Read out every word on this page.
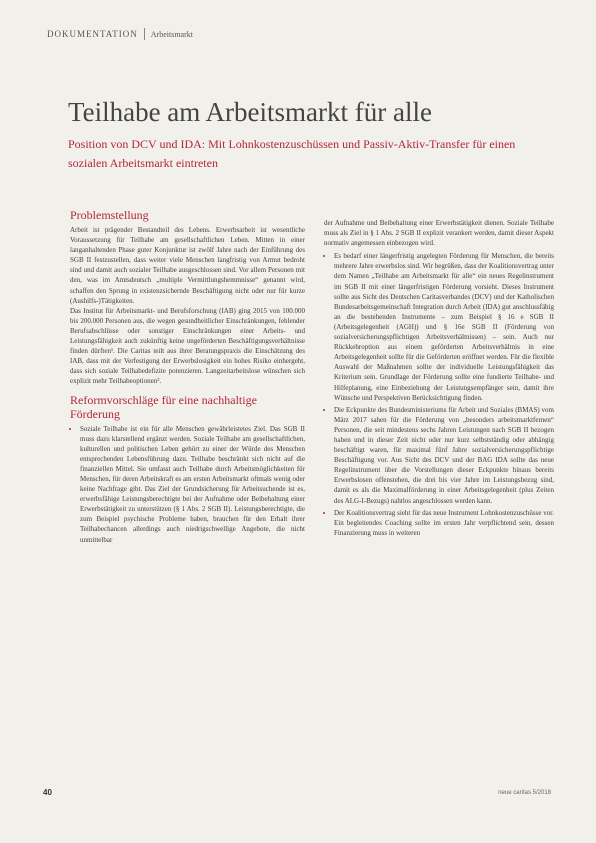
DOKUMENTATION Arbeitsmarkt
Teilhabe am Arbeitsmarkt für alle

Position von DCV und IDA: Mit Lohnkostenzuschüssen und Passiv-Aktiv-Transfer für einen sozialen Arbeitsmarkt eintreten

Problemstellung

Arbeit ist prägender Bestandteil des Lebens. Erwerbsarbeit ist wesentliche Voraussetzung für Teilhabe am gesellschaftlichen Leben. Mitten in einer langanhaltenden Phase guter Konjunktur ist zwölf Jahre nach der Einführung des SGB II festzustellen, dass weiter viele Menschen langfristig von Armut bedroht sind und damit auch sozialer Teilhabe ausgeschlossen sind. Vor allem Personen mit den, was im Amtsdeutsch „multiple Vermittlungshemmnisse“ genannt wird, schaffen den Sprung in existenzsichernde Beschäftigung nicht oder nur für kurze (Aushilfs-)Tätigkeiten.

Das Institut für Arbeitsmarkt- und Berufsforschung (IAB) ging 2015 von 100.000 bis 200.000 Personen aus, die wegen gesundheitlicher Einschränkungen, fehlender Berufsabschlüsse oder sonstiger Einschränkungen einer Arbeits- und Leistungsfähigkeit auch zukünftig keine ungeförderten Beschäftigungsverhältnisse finden dürften¹. Die Caritas teilt aus ihrer Beratungspraxis die Einschätzung des IAB, dass mit der Verfestigung der Erwerbslosigkeit ein hohes Risiko einhergeht, dass sich soziale Teilhabedefizite potenzieren. Langzeitarbeitslose wünschen sich explizit mehr Teilhabeoptionen².

Reformvorschläge für eine nachhaltige Förderung
• Soziale Teilhabe ist ein für alle Menschen gewährleistetes Ziel. Das SGB II muss dazu klarstellend ergänzt werden. Soziale Teilhabe am gesellschaftlichen, kulturellen und politischen Leben gehört zu einer der Würde des Menschen entsprechenden Lebensführung dazu. Teilhabe beschränkt sich nicht auf die finanziellen Mittel. Sie umfasst auch Teilhabe durch Arbeitsmöglichkeiten für Menschen, für deren Arbeitskraft es am ersten Arbeitsmarkt oftmals wenig oder keine Nachfrage gibt. Das Ziel der Grundsicherung für Arbeitsuchende ist es, erwerbsfähige Leistungsberechtigte bei der Aufnahme oder Beibehaltung einer Erwerbstätigkeit zu unterstützen (§ 1 Abs. 2 SGB II). Leistungsberechtigte, die zum Beispiel psychische Probleme haben, brauchen für den Erhalt ihrer Teilhabechancen allerdings auch niedrigschwellige Angebote, die nicht unmittelbar

der Aufnahme und Beibehaltung einer Erwerbstätigkeit dienen. Soziale Teilhabe muss als Ziel in § 1 Abs. 2 SGB II explizit verankert werden, damit dieser Aspekt normativ angemessen einbezogen wird.

• Es bedarf einer längerfristig angelegten Förderung für Menschen, die bereits mehrere Jahre erwerbslos sind. Wir begrüßen, dass der Koalitionsvertrag unter dem Namen „Teilhabe am Arbeitsmarkt für alle“ ein neues Regelinstrument im SGB II mit einer längerfristigen Förderung vorsieht. Dieses Instrument sollte aus Sicht des Deutschen Caritasverbandes (DCV) und der Katholischen Bundesarbeitsgemeinschaft Integration durch Arbeit (IDA) gut anschlussfähig an die bestehenden Instrumente – zum Beispiel § 16 e SGB II (Arbeitsgelegenheit (AGH)) und § 16e SGB II (Förderung von sozialversicherungspflichtigen Arbeitsverhältnissen) – sein. Auch nur Rückkehroption aus einem geförderten Arbeitsverhältnis in eine Arbeitsgelegenheit sollte für die Geförderten eröffnet werden. Für die flexible Auswahl der Maßnahmen sollte der individuelle Leistungsfähigkeit das Kriterium sein. Grundlage der Förderung sollte eine fundierte Teilhabe- und Hilfeplanung, eine Einbeziehung der Leistungsempfänger sein, damit ihre Wünsche und Perspektiven Berücksichtigung finden.
• Die Eckpunkte des Bundesministeriums für Arbeit und Soziales (BMAS) vom März 2017 sahen für die Förderung von „besonders arbeitsmarktfernen“ Personen, die seit mindestens sechs Jahren Leistungen nach SGB II bezogen haben und in dieser Zeit nicht oder nur kurz selbstständig oder abhängig beschäftigt waren, für maximal fünf Jahre sozialversicherungspflichtige Beschäftigung vor. Aus Sicht des DCV und der BAG IDA sollte das neue Regelinstrument über die Vorstellungen dieser Eckpunkte hinaus bereits Erwerbslosen offenstehen, die drei bis vier Jahre im Leistungsbezug sind, damit es als die Maximalförderung in einer Arbeitsgelegenheit (plus Zeiten des ALG-I-Bezugs) nahtlos angeschlossen werden kann.
• Der Koalitionsvertrag sieht für das neue Instrument Lohnkostenzuschüsse vor. Ein begleitendes Coaching sollte im ersten Jahr verpflichtend sein, dessen Finanzierung muss in weiteren
40	neue caritas 5/2018
